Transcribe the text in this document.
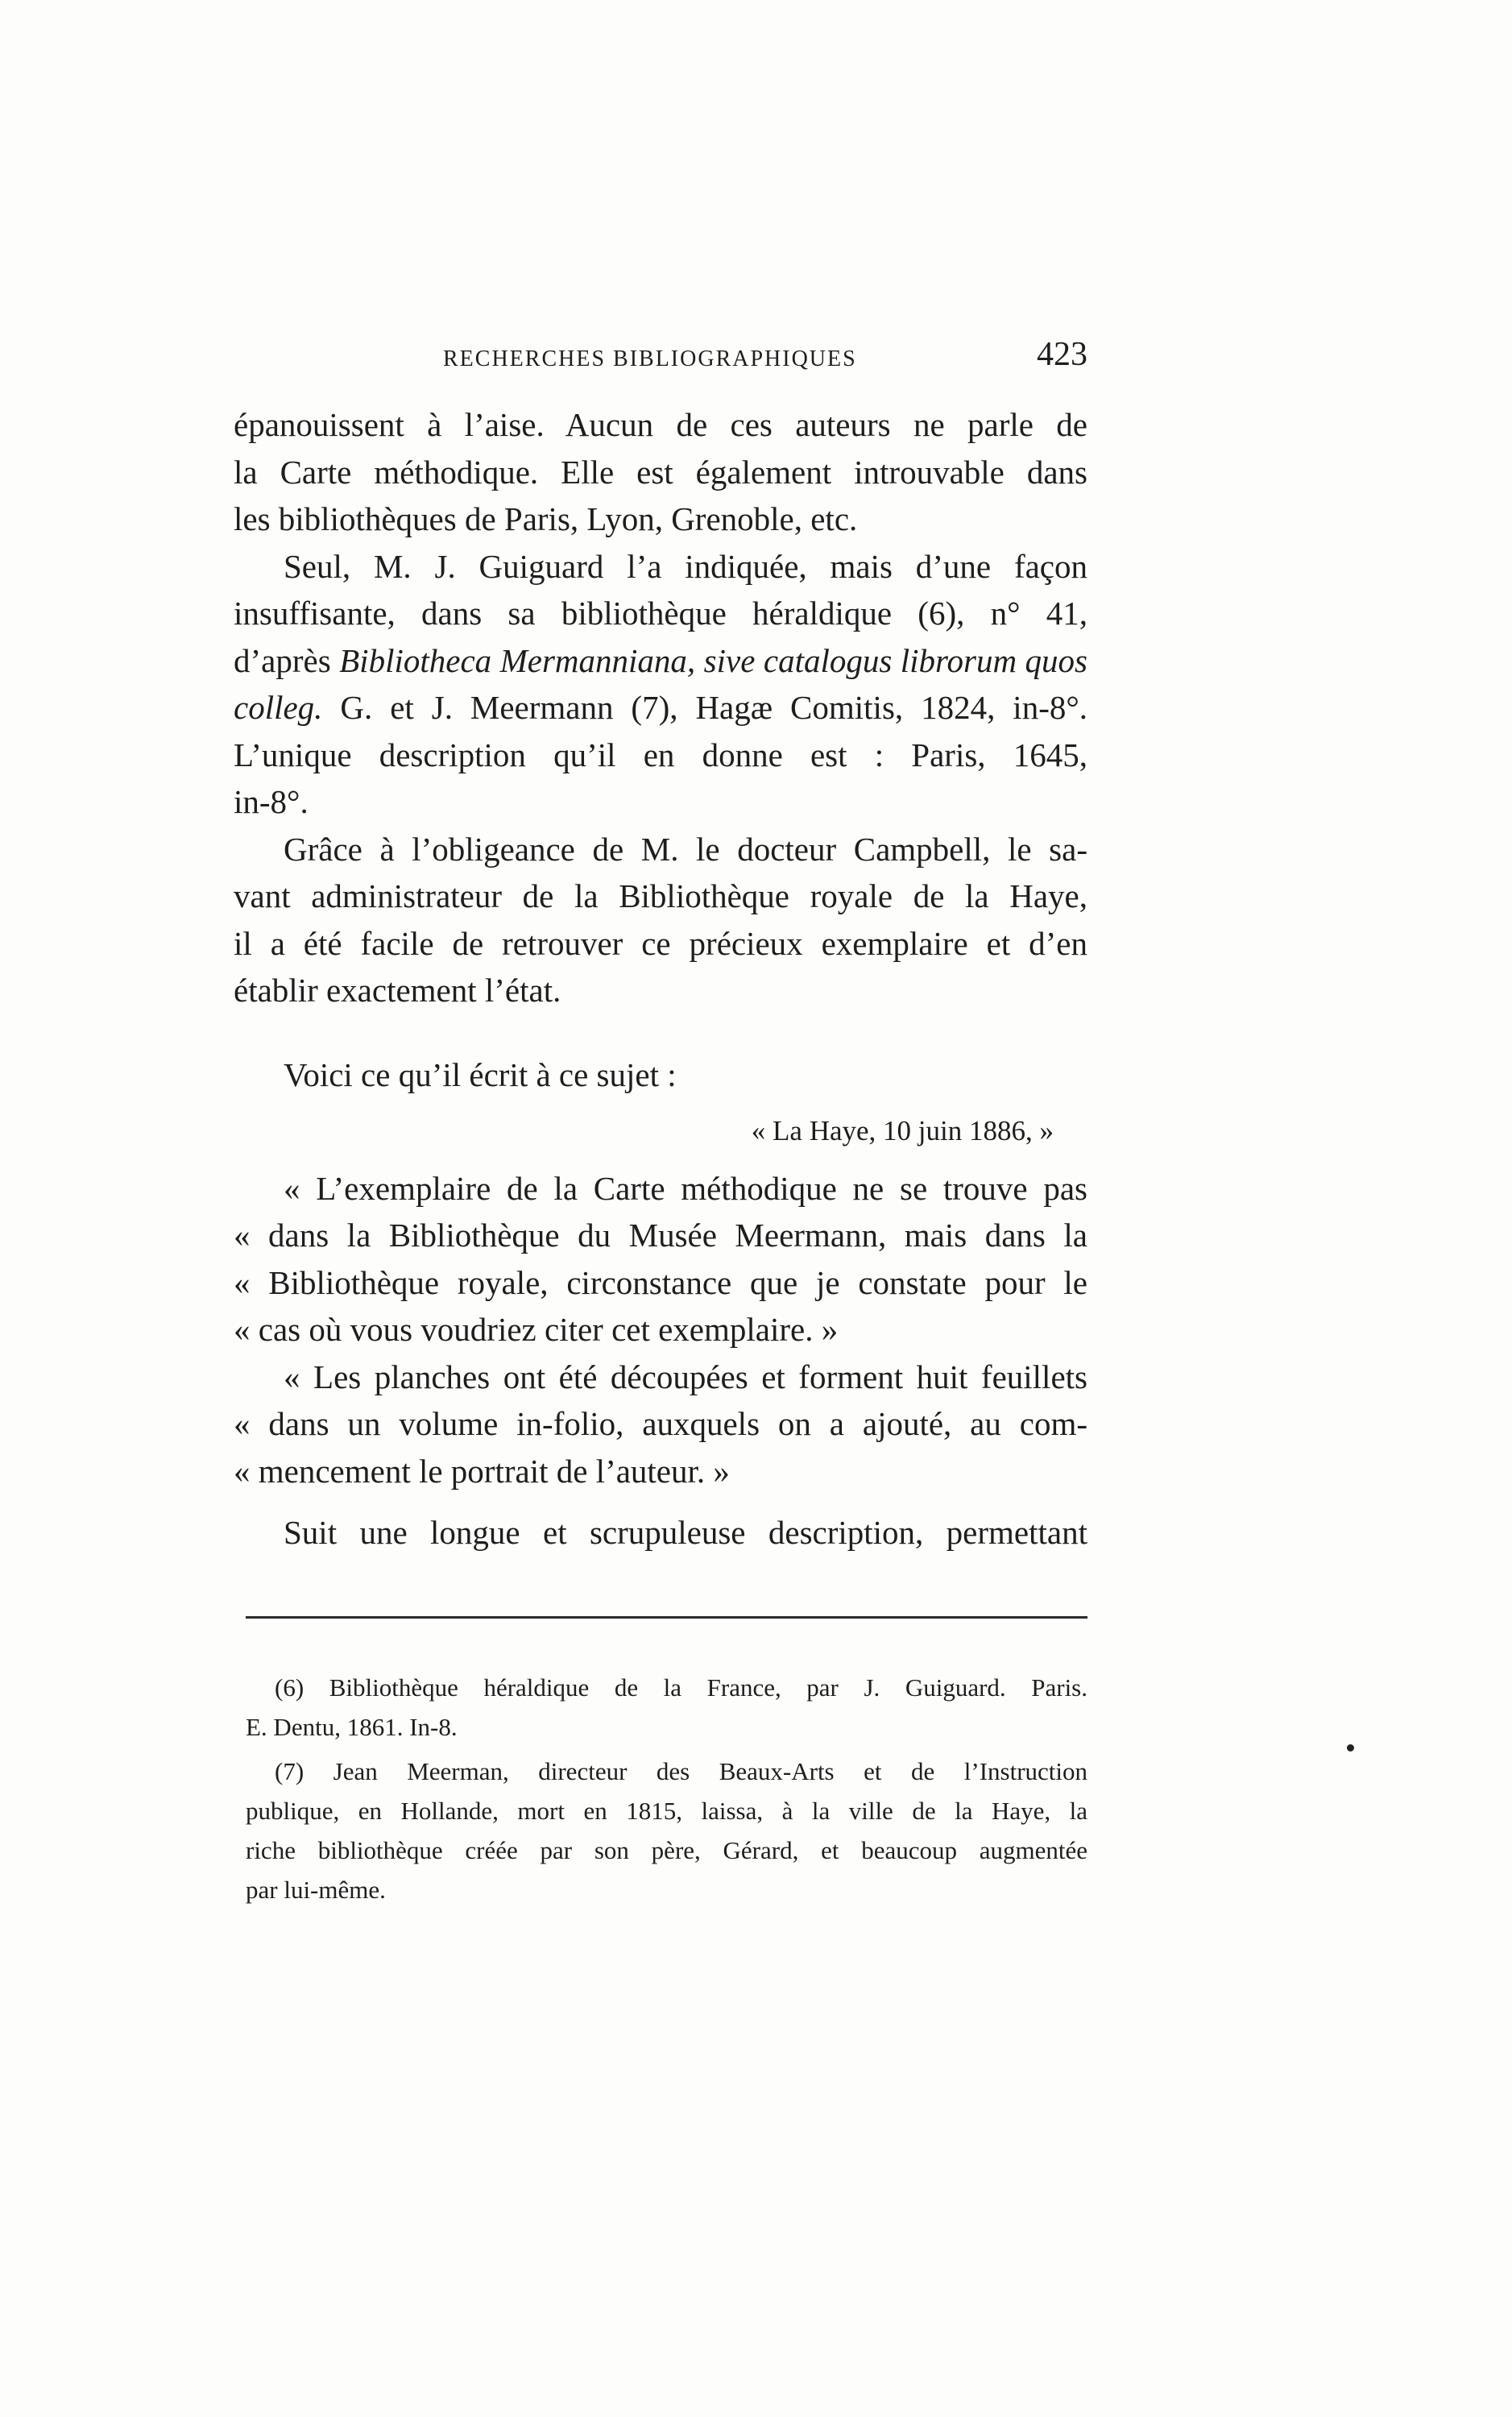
RECHERCHES BIBLIOGRAPHIQUES	423
épanouissent à l’aise. Aucun de ces auteurs ne parle de
la Carte méthodique. Elle est également introuvable dans
les bibliothèques de Paris, Lyon, Grenoble, etc.
Seul, M. J. Guiguard l’a indiquée, mais d’une façon
insuffisante, dans sa bibliothèque héraldique (6), n° 41,
d’après Bibliotheca Mermanniana, sive catalogus librorum quos
colleg. G. et J. Meermann (7), Hagæ Comitis, 1824, in-8°.
L’unique description qu’il en donne est : Paris, 1645,
in-8°.
Grâce à l’obligeance de M. le docteur Campbell, le sa-
vant administrateur de la Bibliothèque royale de la Haye,
il a été facile de retrouver ce précieux exemplaire et d’en
établir exactement l’état.
Voici ce qu’il écrit à ce sujet :
« La Haye, 10 juin 1886, »
« L’exemplaire de la Carte méthodique ne se trouve pas
« dans la Bibliothèque du Musée Meermann, mais dans la
« Bibliothèque royale, circonstance que je constate pour le
« cas où vous voudriez citer cet exemplaire. »
« Les planches ont été découpées et forment huit feuillets
« dans un volume in-folio, auxquels on a ajouté, au com-
« mencement le portrait de l’auteur. »
Suit une longue et scrupuleuse description, permettant
(6) Bibliothèque héraldique de la France, par J. Guiguard. Paris.
E. Dentu, 1861. In-8.
(7) Jean Meerman, directeur des Beaux-Arts et de l’Instruction
publique, en Hollande, mort en 1815, laissa, à la ville de la Haye, la
riche bibliothèque créée par son père, Gérard, et beaucoup augmentée
par lui-même.
